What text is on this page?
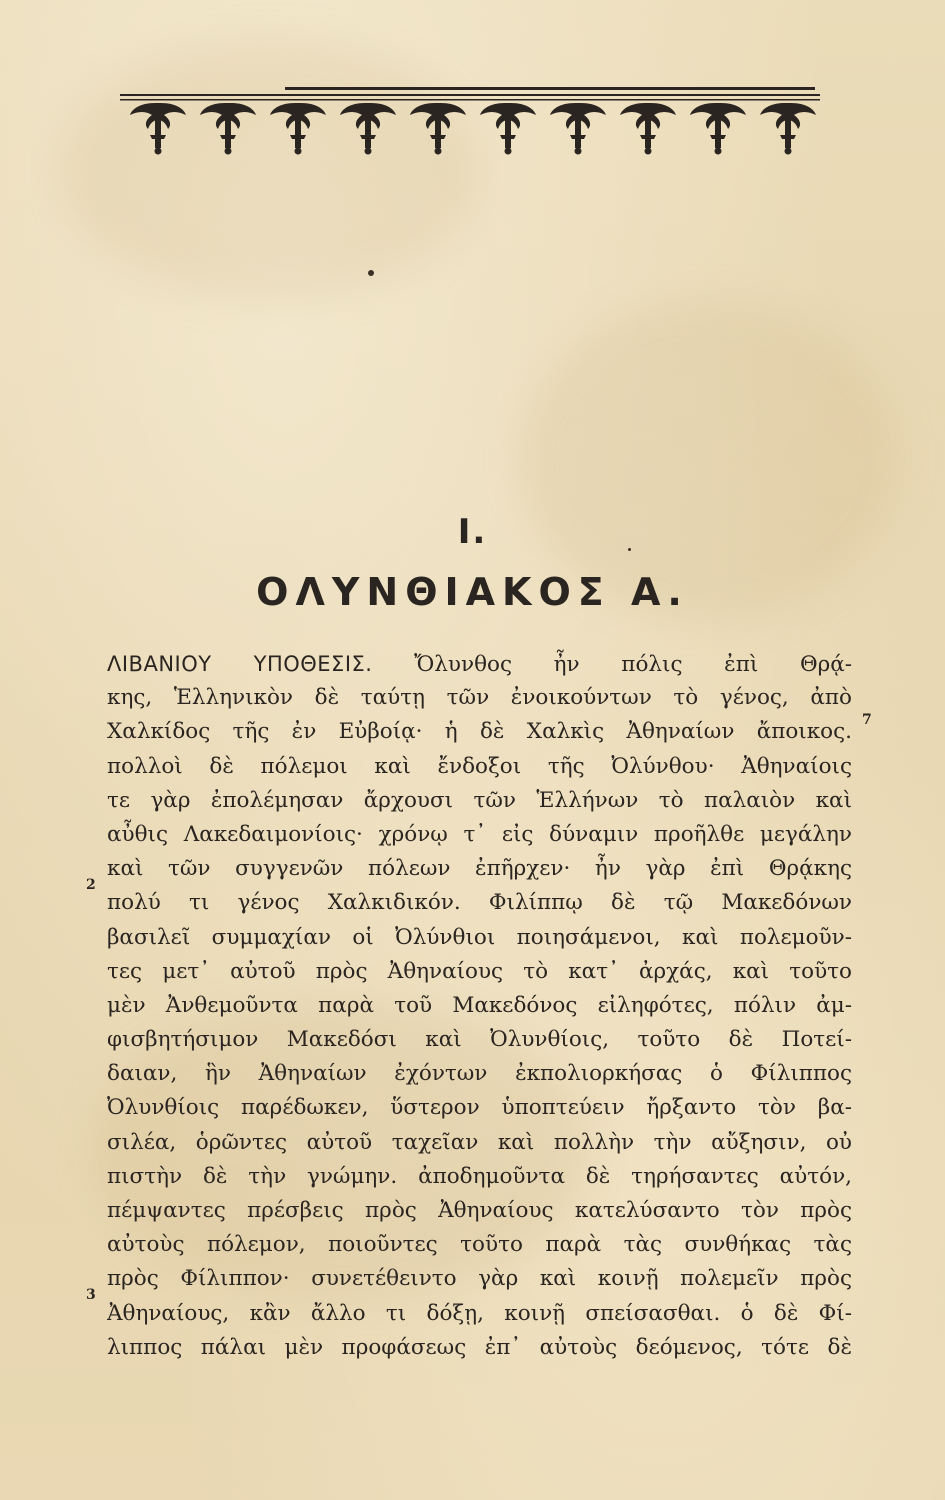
I.
ΟΛΥΝΘΙΑΚΟΣ Α.
ΛΙΒΑΝΙΟΥ ΥΠΟΘΕΣΙΣ. Ὄλυνθος ἦν πόλις ἐπὶ Θρᾴ-
κης, Ἑλληνικὸν δὲ ταύτῃ τῶν ἐνοικούντων τὸ γένος, ἀπὸ
Χαλκίδος τῆς ἐν Εὐβοίᾳ· ἡ δὲ Χαλκὶς Ἀθηναίων ἄποικος.
πολλοὶ δὲ πόλεμοι καὶ ἔνδοξοι τῆς Ὀλύνθου· Ἀθηναίοις
τε γὰρ ἐπολέμησαν ἄρχουσι τῶν Ἑλλήνων τὸ παλαιὸν καὶ
αὖθις Λακεδαιμονίοις· χρόνῳ τ᾽ εἰς δύναμιν προῆλθε μεγάλην
καὶ τῶν συγγενῶν πόλεων ἐπῆρχεν· ἦν γὰρ ἐπὶ Θρᾴκης
πολύ τι γένος Χαλκιδικόν. Φιλίππῳ δὲ τῷ Μακεδόνων
βασιλεῖ συμμαχίαν οἱ Ὀλύνθιοι ποιησάμενοι, καὶ πολεμοῦν-
τες μετ᾽ αὐτοῦ πρὸς Ἀθηναίους τὸ κατ᾽ ἀρχάς, καὶ τοῦτο
μὲν Ἀνθεμοῦντα παρὰ τοῦ Μακεδόνος εἰληφότες, πόλιν ἀμ-
φισβητήσιμον Μακεδόσι καὶ Ὀλυνθίοις, τοῦτο δὲ Ποτεί-
δαιαν, ἣν Ἀθηναίων ἐχόντων ἐκπολιορκήσας ὁ Φίλιππος
Ὀλυνθίοις παρέδωκεν, ὕστερον ὑποπτεύειν ἤρξαντο τὸν βα-
σιλέα, ὁρῶντες αὐτοῦ ταχεῖαν καὶ πολλὴν τὴν αὔξησιν, οὐ
πιστὴν δὲ τὴν γνώμην. ἀποδημοῦντα δὲ τηρήσαντες αὐτόν,
πέμψαντες πρέσβεις πρὸς Ἀθηναίους κατελύσαντο τὸν πρὸς
αὐτοὺς πόλεμον, ποιοῦντες τοῦτο παρὰ τὰς συνθήκας τὰς
πρὸς Φίλιππον· συνετέθειντο γὰρ καὶ κοινῇ πολεμεῖν πρὸς
Ἀθηναίους, κἂν ἄλλο τι δόξῃ, κοινῇ σπείσασθαι. ὁ δὲ Φί-
λιππος πάλαι μὲν προφάσεως ἐπ᾽ αὐτοὺς δεόμενος, τότε δὲ
7
2
3
